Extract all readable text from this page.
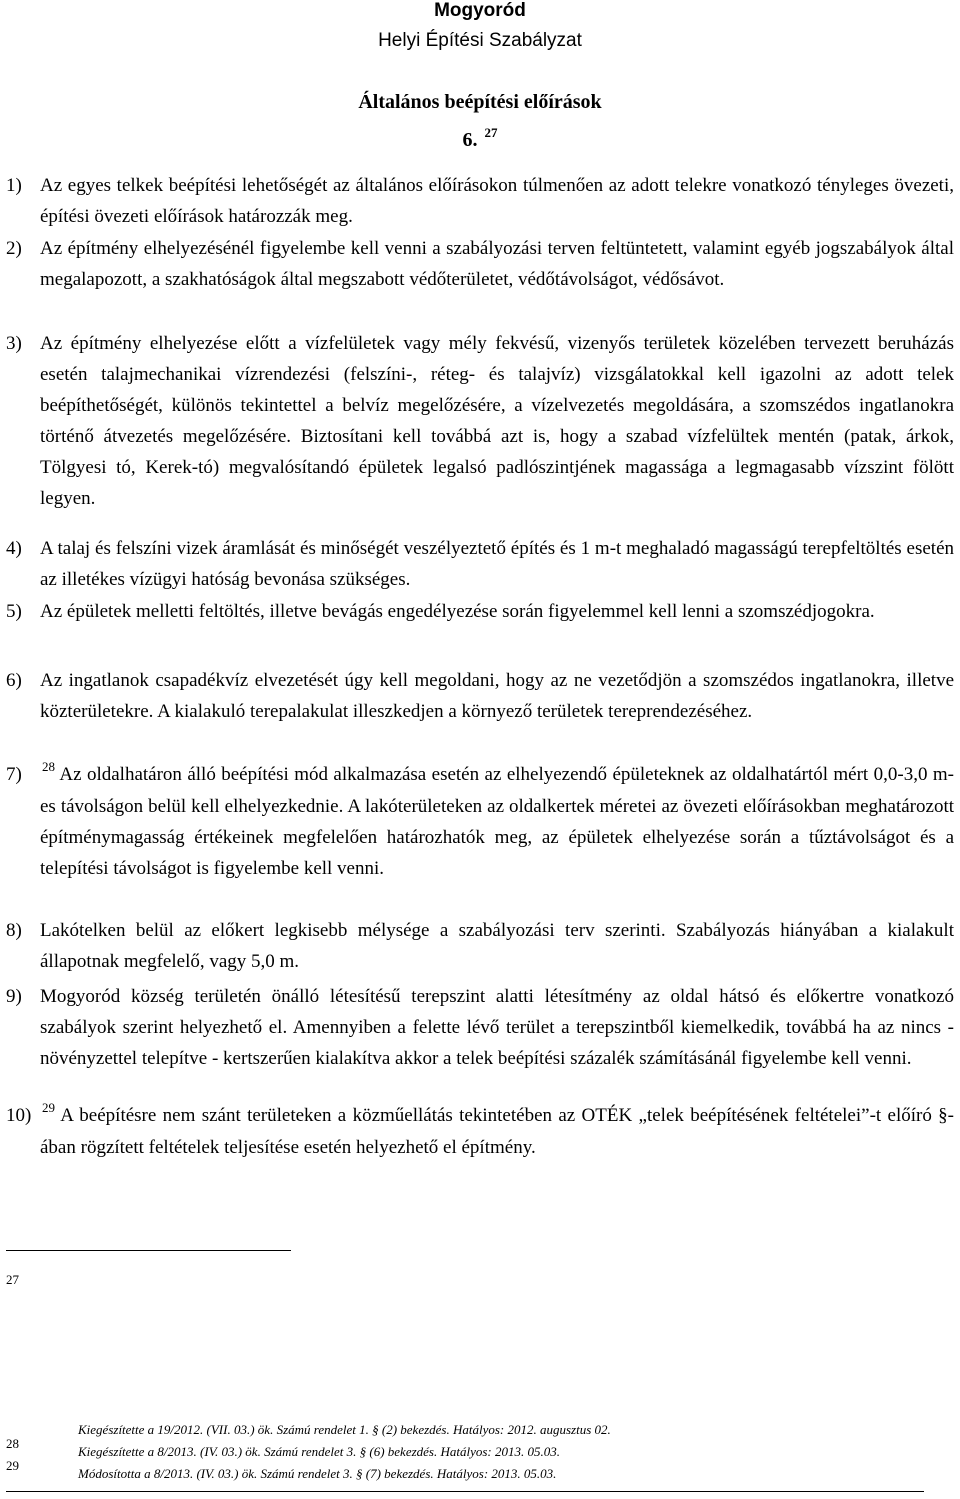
Mogyoród
Helyi Építési Szabályzat
Általános beépítési előírások
6. $^{27}$
1) Az egyes telkek beépítési lehetőségét az általános előírásokon túlmenően az adott telekre vonatkozó tényleges övezeti, építési övezeti előírások határozzák meg.
2) Az építmény elhelyezésénél figyelembe kell venni a szabályozási terven feltüntetett, valamint egyéb jogszabályok által megalapozott, a szakhatóságok által megszabott védőterületet, védőtávolságot, védősávot.
3) Az építmény elhelyezése előtt a vízfelületek vagy mély fekvésű, vizenyős területek közelében tervezett beruházás esetén talajmechanikai vízrendezési (felszíni-, réteg- és talajvíz) vizsgálatokkal kell igazolni az adott telek beépíthetőségét, különös tekintettel a belvíz megelőzésére, a vízelvezetés megoldására, a szomszédos ingatlanokra történő átvezetés megelőzésére. Biztosítani kell továbbá azt is, hogy a szabad vízfelültek mentén (patak, árkok, Tölgyesi tó, Kerek-tó) megvalósítandó épületek legalsó padlószintjének magassága a legmagasabb vízszint fölött legyen.
4) A talaj és felszíni vizek áramlását és minőségét veszélyeztető építés és 1 m-t meghaladó magasságú terepfeltöltés esetén az illetékes vízügyi hatóság bevonása szükséges.
5) Az épületek melletti feltöltés, illetve bevágás engedélyezése során figyelemmel kell lenni a szomszédjogokra.
6) Az ingatlanok csapadékvíz elvezetését úgy kell megoldani, hogy az ne vezetődjön a szomszédos ingatlanokra, illetve közterületekre. A kialakuló terepalakulat illeszkedjen a környező területek tereprendezéséhez.
7)	$^{28}$ Az oldalhatáron álló beépítési mód alkalmazása esetén az elhelyezendő épületeknek az oldalhatártól mért 0,0-3,0 m-es távolságon belül kell elhelyezkednie. A lakóterületeken az oldalkertek méretei az övezeti előírásokban meghatározott építménymagasság értékeinek megfelelően határozhatók meg, az épületek elhelyezése során a tűztávolságot és a telepítési távolságot is figyelembe kell venni.
8) Lakótelken belül az előkert legkisebb mélysége a szabályozási terv szerinti. Szabályozás hiányában a kialakult állapotnak megfelelő, vagy 5,0 m.
9) Mogyoród község területén önálló létesítésű terepszint alatti létesítmény az oldal hátsó és előkertre vonatkozó szabályok szerint helyezhető el. Amennyiben a felette lévő terület a terepszintből kiemelkedik, továbbá ha az nincs - növényzettel telepítve - kertszerűen kialakítva akkor a telek beépítési százalék számításánál figyelembe kell venni.
10) $^{29}$ A beépítésre nem szánt területeken a közműellátás tekintetében az OTÉK „telek beépítésének feltételei”-t előíró §-ában rögzített feltételek teljesítése esetén helyezhető el építmény.
27
28
29
Kiegészítette a 19/2012. (VII. 03.) ök. Számú rendelet 1. § (2) bekezdés. Hatályos: 2012. augusztus 02.
Kiegészítette a 8/2013. (IV. 03.) ök. Számú rendelet 3. § (6) bekezdés. Hatályos: 2013. 05.03.
Módosította a 8/2013. (IV. 03.) ök. Számú rendelet 3. § (7) bekezdés. Hatályos: 2013. 05.03.
